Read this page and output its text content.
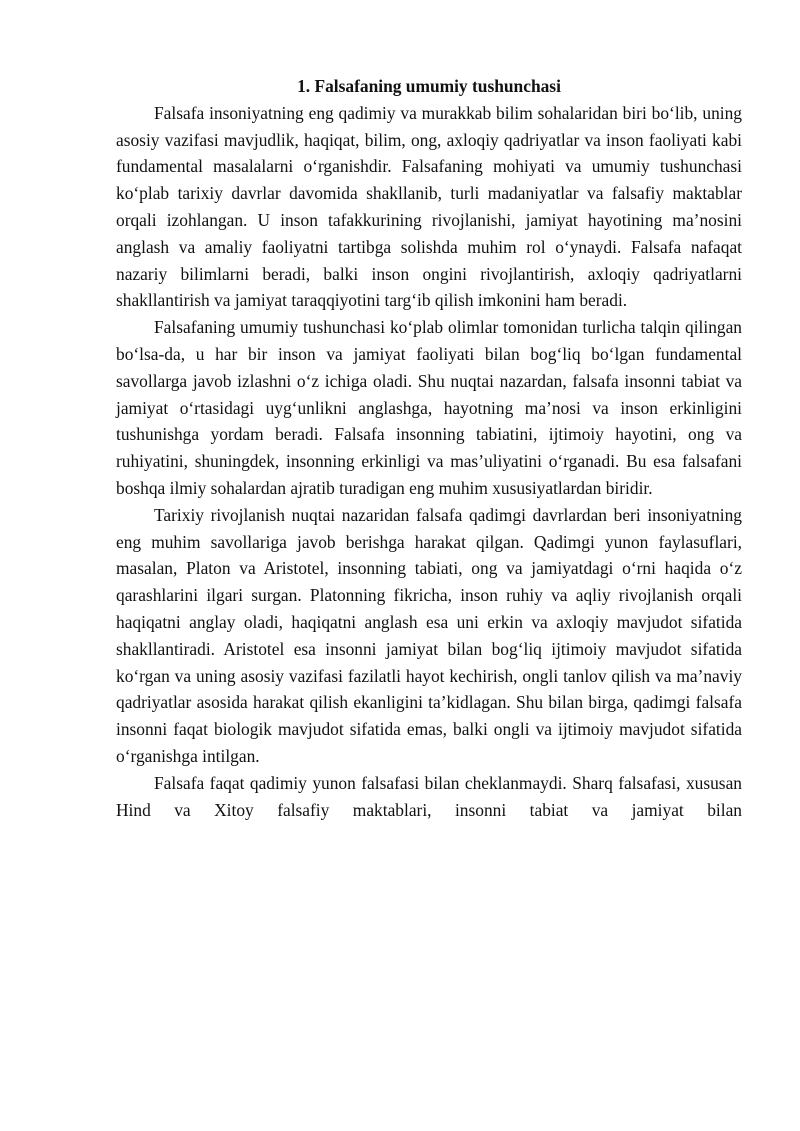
1. Falsafaning umumiy tushunchasi

Falsafa insoniyatning eng qadimiy va murakkab bilim sohalaridan biri bo‘lib, uning asosiy vazifasi mavjudlik, haqiqat, bilim, ong, axloqiy qadriyatlar va inson faoliyati kabi fundamental masalalarni o‘rganishdir. Falsafaning mohiyati va umumiy tushunchasi ko‘plab tarixiy davrlar davomida shakllanib, turli madaniyatlar va falsafiy maktablar orqali izohlangan. U inson tafakkurining rivojlanishi, jamiyat hayotining ma’nosini anglash va amaliy faoliyatni tartibga solishda muhim rol o‘ynaydi. Falsafa nafaqat nazariy bilimlarni beradi, balki inson ongini rivojlantirish, axloqiy qadriyatlarni shakllantirish va jamiyat taraqqiyotini targ‘ib qilish imkonini ham beradi.

Falsafaning umumiy tushunchasi ko‘plab olimlar tomonidan turlicha talqin qilingan bo‘lsa-da, u har bir inson va jamiyat faoliyati bilan bog‘liq bo‘lgan fundamental savollarga javob izlashni o‘z ichiga oladi. Shu nuqtai nazardan, falsafa insonni tabiat va jamiyat o‘rtasidagi uyg‘unlikni anglashga, hayotning ma’nosi va inson erkinligini tushunishga yordam beradi. Falsafa insonning tabiatini, ijtimoiy hayotini, ong va ruhiyatini, shuningdek, insonning erkinligi va mas’uliyatini o‘rganadi. Bu esa falsafani boshqa ilmiy sohalardan ajratib turadigan eng muhim xususiyatlardan biridir.

Tarixiy rivojlanish nuqtai nazaridan falsafa qadimgi davrlardan beri insoniyatning eng muhim savollariga javob berishga harakat qilgan. Qadimgi yunon faylasuflari, masalan, Platon va Aristotel, insonning tabiati, ong va jamiyatdagi o‘rni haqida o‘z qarashlarini ilgari surgan. Platonning fikricha, inson ruhiy va aqliy rivojlanish orqali haqiqatni anglay oladi, haqiqatni anglash esa uni erkin va axloqiy mavjudot sifatida shakllantiradi. Aristotel esa insonni jamiyat bilan bog‘liq ijtimoiy mavjudot sifatida ko‘rgan va uning asosiy vazifasi fazilatli hayot kechirish, ongli tanlov qilish va ma’naviy qadriyatlar asosida harakat qilish ekanligini ta’kidlagan. Shu bilan birga, qadimgi falsafa insonni faqat biologik mavjudot sifatida emas, balki ongli va ijtimoiy mavjudot sifatida o‘rganishga intilgan.

Falsafa faqat qadimiy yunon falsafasi bilan cheklanmaydi. Sharq falsafasi, xususan Hind va Xitoy falsafiy maktablari, insonni tabiat va jamiyat bilan
